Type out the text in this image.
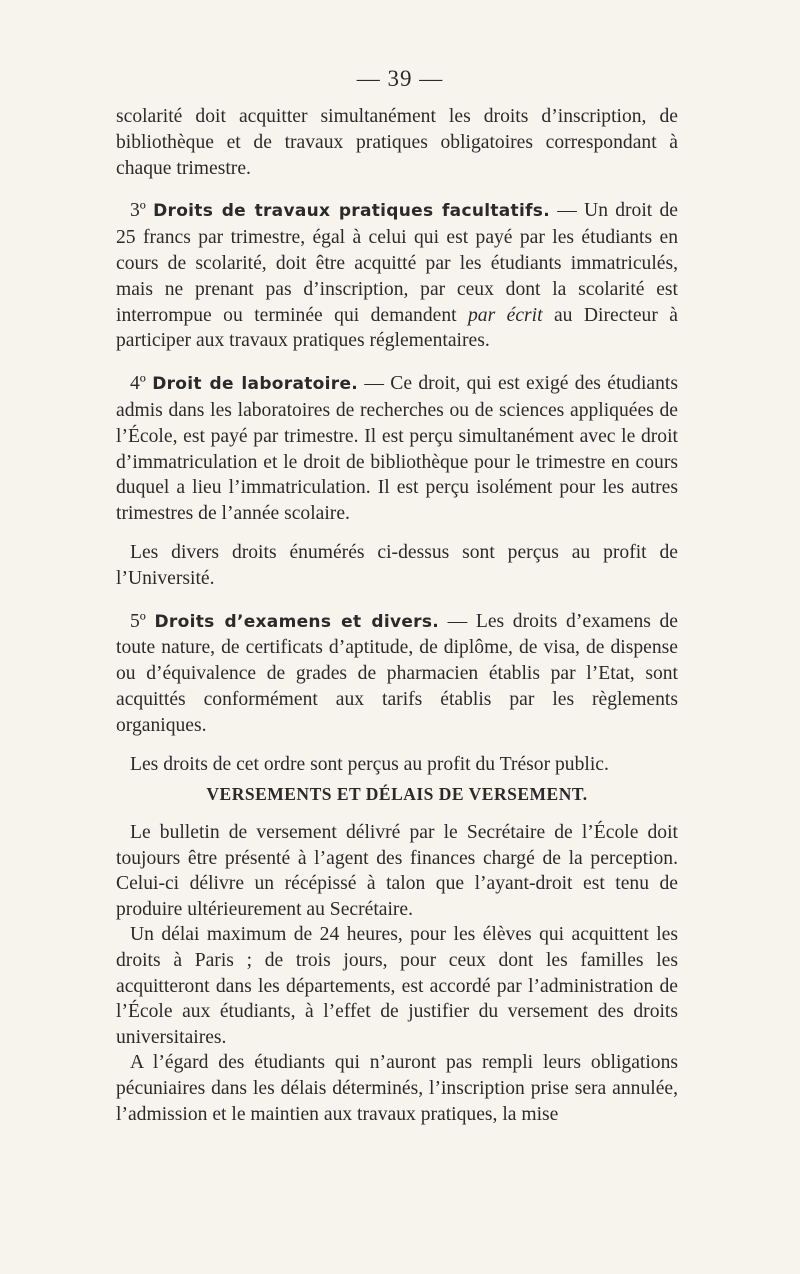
— 39 —

scolarité doit acquitter simultanément les droits d’inscription, de bibliothèque et de travaux pratiques obligatoires correspondant à chaque trimestre.

3º Droits de travaux pratiques facultatifs. — Un droit de 25 francs par trimestre, égal à celui qui est payé par les étudiants en cours de scolarité, doit être acquitté par les étudiants immatriculés, mais ne prenant pas d’inscription, par ceux dont la scolarité est interrompue ou terminée qui demandent par écrit au Directeur à participer aux travaux pratiques réglementaires.

4º Droit de laboratoire. — Ce droit, qui est exigé des étudiants admis dans les laboratoires de recherches ou de sciences appliquées de l’École, est payé par trimestre. Il est perçu simultanément avec le droit d’immatriculation et le droit de bibliothèque pour le trimestre en cours duquel a lieu l’immatriculation. Il est perçu isolément pour les autres trimestres de l’année scolaire.

Les divers droits énumérés ci-dessus sont perçus au profit de l’Université.

5º Droits d’examens et divers. — Les droits d’examens de toute nature, de certificats d’aptitude, de diplôme, de visa, de dispense ou d’équivalence de grades de pharmacien établis par l’Etat, sont acquittés conformément aux tarifs établis par les règlements organiques.

Les droits de cet ordre sont perçus au profit du Trésor public.

VERSEMENTS ET DÉLAIS DE VERSEMENT.

Le bulletin de versement délivré par le Secrétaire de l’École doit toujours être présenté à l’agent des finances chargé de la perception. Celui-ci délivre un récépissé à talon que l’ayant-droit est tenu de produire ultérieurement au Secrétaire.

Un délai maximum de 24 heures, pour les élèves qui acquittent les droits à Paris ; de trois jours, pour ceux dont les familles les acquitteront dans les départements, est accordé par l’administration de l’École aux étudiants, à l’effet de justifier du versement des droits universitaires.

A l’égard des étudiants qui n’auront pas rempli leurs obligations pécuniaires dans les délais déterminés, l’inscription prise sera annulée, l’admission et le maintien aux travaux pratiques, la mise
